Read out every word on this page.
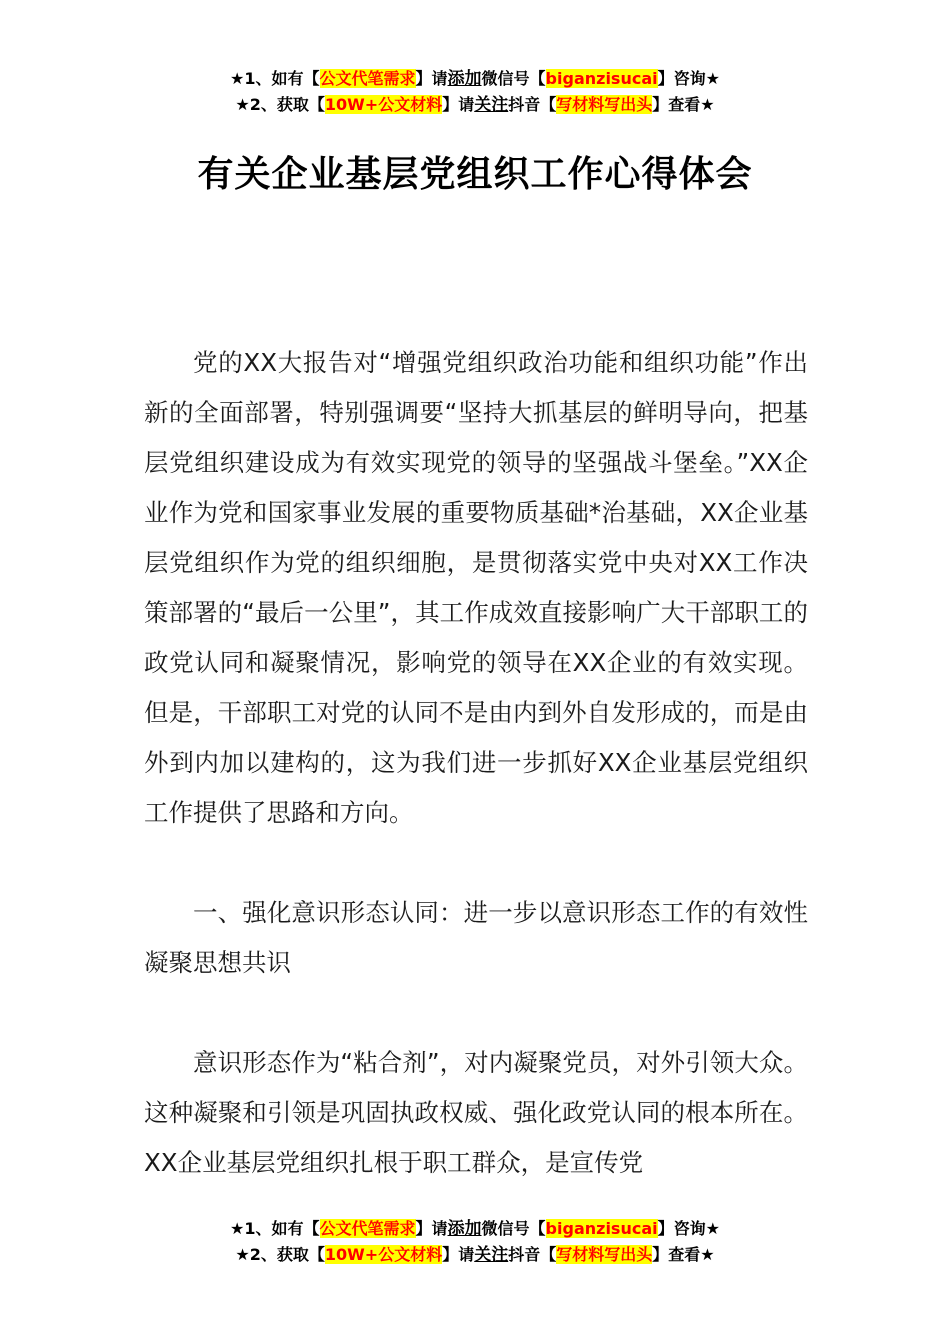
★1、如有【公文代笔需求】请添加微信号【biganzisucai】咨询★
★2、获取【10W+公文材料】请关注抖音【写材料写出头】查看★
有关企业基层党组织工作心得体会

党的XX大报告对“增强党组织政治功能和组织功能”作出新的全面部署，特别强调要“坚持大抓基层的鲜明导向，把基层党组织建设成为有效实现党的领导的坚强战斗堡垒。”XX企业作为党和国家事业发展的重要物质基础*治基础，XX企业基层党组织作为党的组织细胞，是贯彻落实党中央对XX工作决策部署的“最后一公里”，其工作成效直接影响广大干部职工的政党认同和凝聚情况，影响党的领导在XX企业的有效实现。但是，干部职工对党的认同不是由内到外自发形成的，而是由外到内加以建构的，这为我们进一步抓好XX企业基层党组织工作提供了思路和方向。

一、强化意识形态认同：进一步以意识形态工作的有效性凝聚思想共识

意识形态作为“粘合剂”，对内凝聚党员，对外引领大众。这种凝聚和引领是巩固执政权威、强化政党认同的根本所在。XX企业基层党组织扎根于职工群众，是宣传党

★1、如有【公文代笔需求】请添加微信号【biganzisucai】咨询★
★2、获取【10W+公文材料】请关注抖音【写材料写出头】查看★
